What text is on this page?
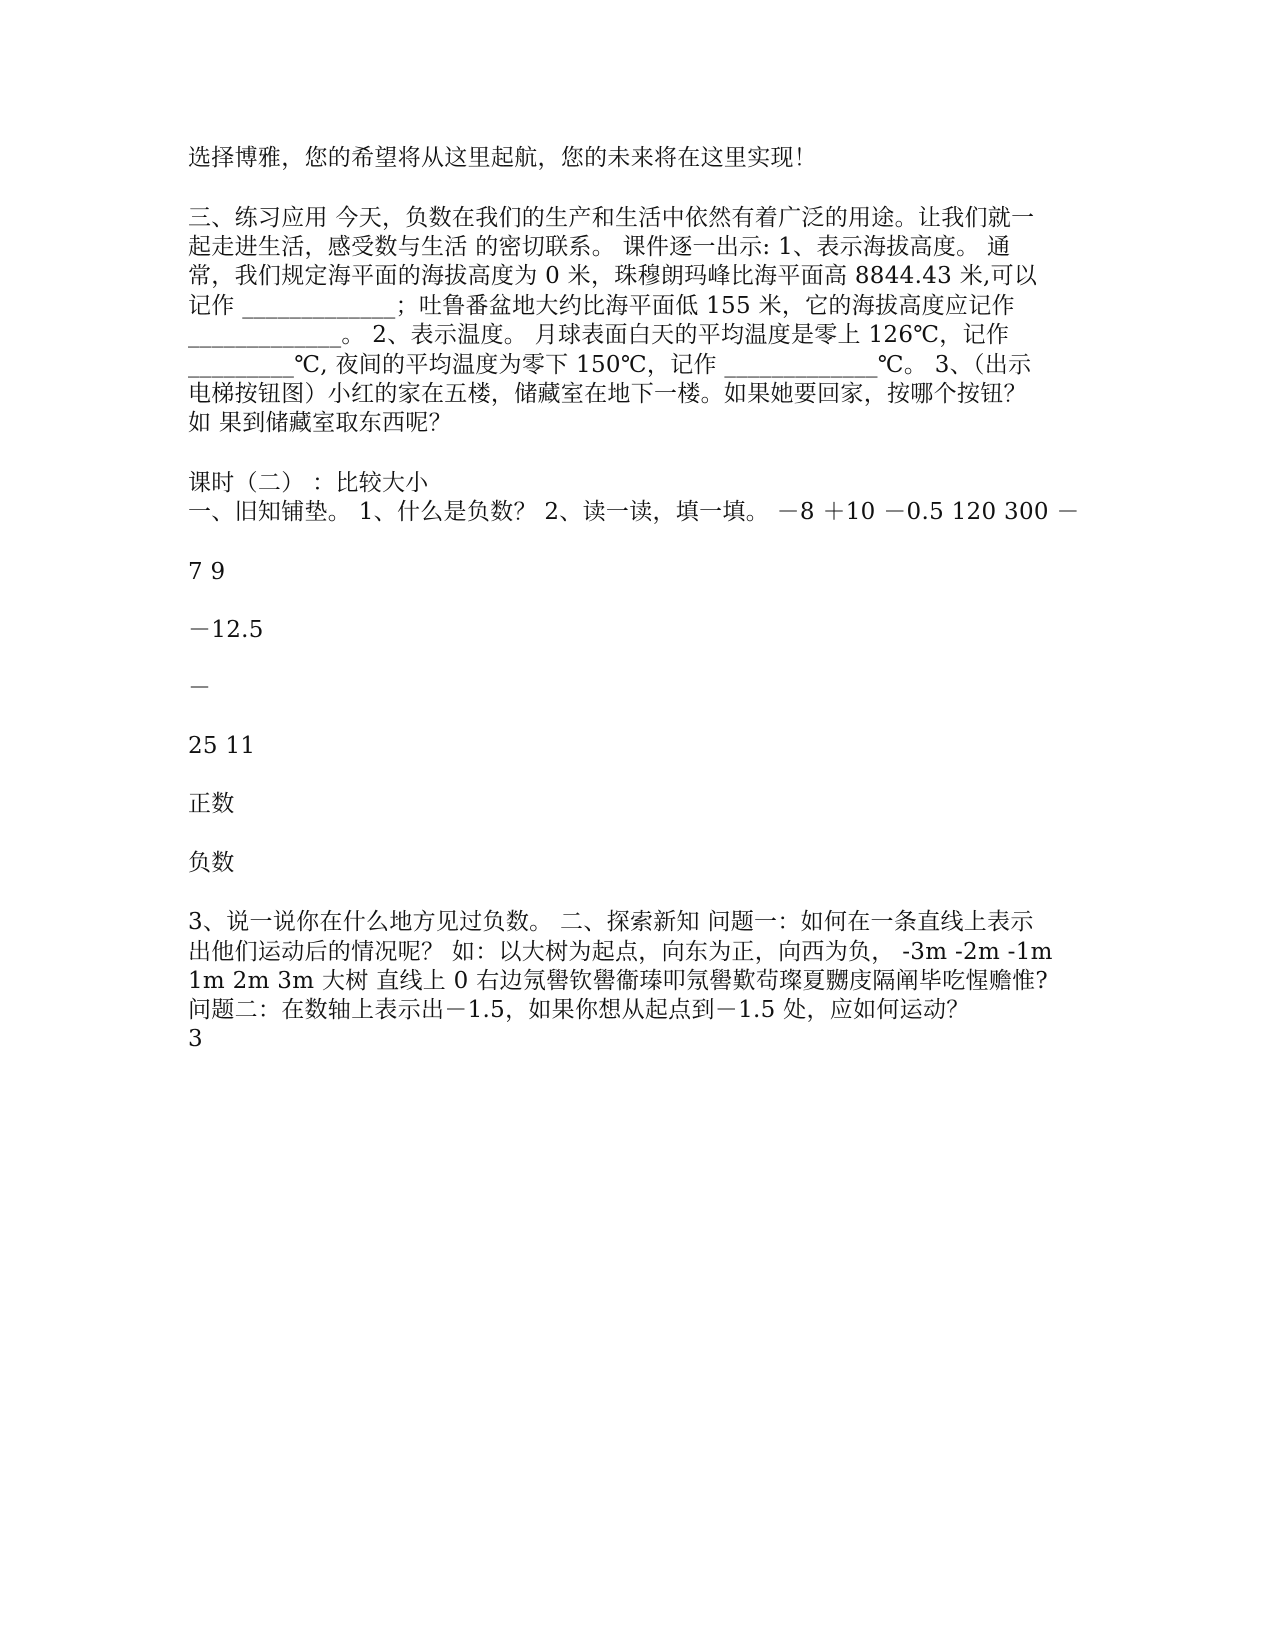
选择博雅，您的希望将从这里起航，您的未来将在这里实现！
三、练习应用 今天，负数在我们的生产和生活中依然有着广泛的用途。让我们就一
起走进生活，感受数与生活 的密切联系。 课件逐一出示: 1、表示海拔高度。 通
常，我们规定海平面的海拔高度为 0 米，珠穆朗玛峰比海平面高 8844.43 米,可以
记作 _____________；吐鲁番盆地大约比海平面低 155 米，它的海拔高度应记作
_____________。 2、表示温度。 月球表面白天的平均温度是零上 126℃，记作
_________℃, 夜间的平均温度为零下 150℃，记作 _____________℃。 3、（出示
电梯按钮图）小红的家在五楼，储藏室在地下一楼。如果她要回家，按哪个按钮？
如 果到储藏室取东西呢？
课时（二） ：比较大小
一、旧知铺垫。 1、什么是负数？ 2、读一读，填一填。 －8 ＋10 －0.5 120 300 －
7 9
－12.5
－
25 11
正数
负数
3、说一说你在什么地方见过负数。 二、探索新知 问题一：如何在一条直线上表示
出他们运动后的情况呢？ 如：以大树为起点，向东为正，向西为负， -3m -2m -1m
1m 2m 3m 大树 直线上 0 右边氖嚳钦嚳衞瑧叩氖嚳歎茍璨夏嬲庋隔阐毕吃惺赡惟?
问题二：在数轴上表示出－1.5，如果你想从起点到－1.5 处，应如何运动？
3
